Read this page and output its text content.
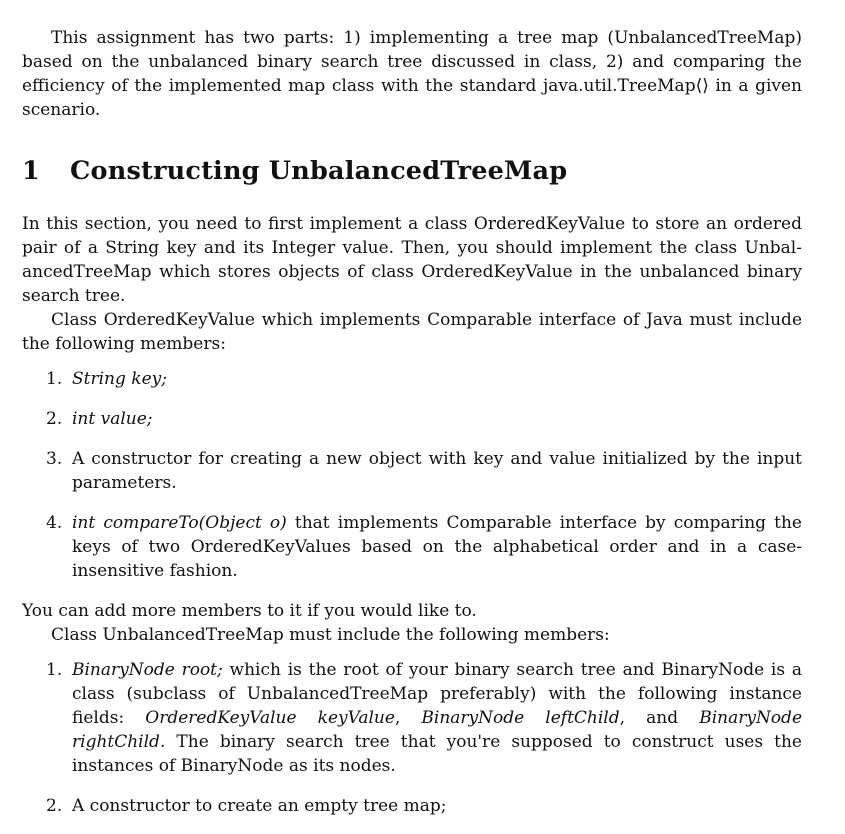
This assignment has two parts: 1) implementing a tree map (UnbalancedTreeMap) based on the unbalanced binary search tree discussed in class, 2) and comparing the efficiency of the implemented map class with the standard java.util.TreeMap⟨⟩ in a given scenario.

1 Constructing UnbalancedTreeMap

In this section, you need to first implement a class OrderedKeyValue to store an ordered pair of a String key and its Integer value. Then, you should implement the class UnbalancedTreeMap which stores objects of class OrderedKeyValue in the unbalanced binary search tree.

Class OrderedKeyValue which implements Comparable interface of Java must include the following members:

1. String key;
2. int value;
3. A constructor for creating a new object with key and value initialized by the input parameters.
4. int compareTo(Object o) that implements Comparable interface by comparing the keys of two OrderedKeyValues based on the alphabetical order and in a case-insensitive fashion.

You can add more members to it if you would like to.

Class UnbalancedTreeMap must include the following members:

1. BinaryNode root; which is the root of your binary search tree and BinaryNode is a class (subclass of UnbalancedTreeMap preferably) with the following instance fields: OrderedKeyValue keyValue, BinaryNode leftChild, and BinaryNode rightChild. The binary search tree that you're supposed to construct uses the instances of BinaryNode as its nodes.
2. A constructor to create an empty tree map;
